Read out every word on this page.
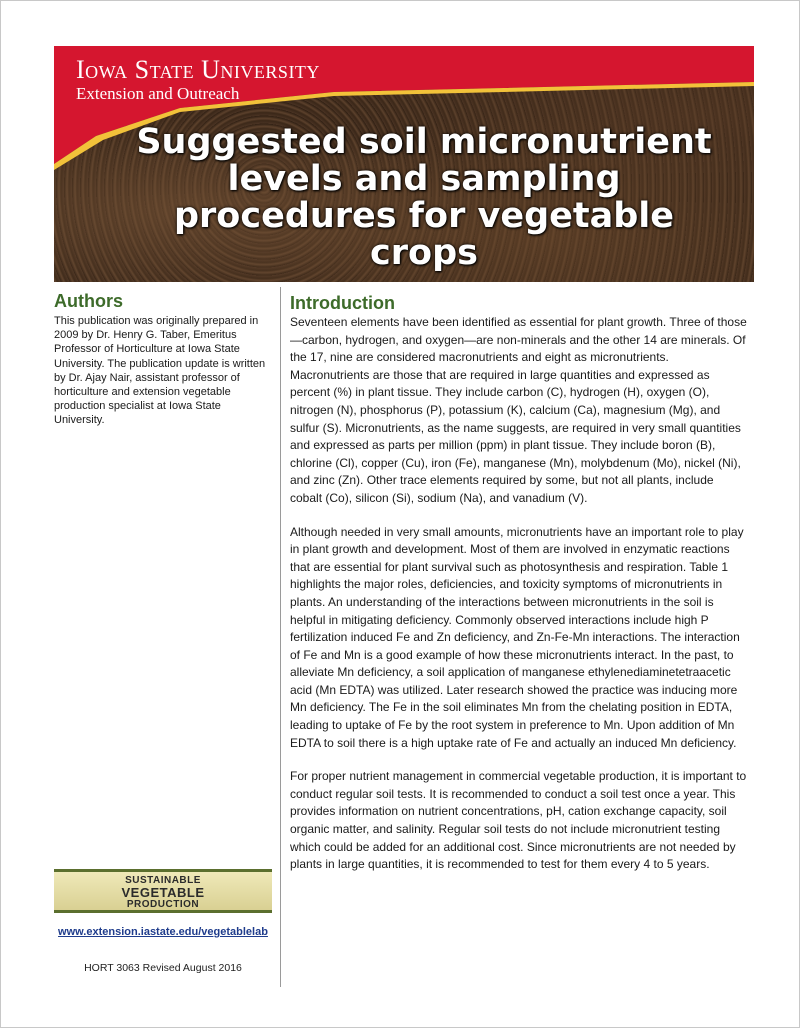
Iowa State University
Extension and Outreach
Suggested soil micronutrient levels and sampling procedures for vegetable crops
Authors

This publication was originally prepared in 2009 by Dr. Henry G. Taber, Emeritus Professor of Horticulture at Iowa State University. The publication update is written by Dr. Ajay Nair, assistant professor of horticulture and extension vegetable production specialist at Iowa State University.

SUSTAINABLE
VEGETABLE
PRODUCTION
www.extension.iastate.edu/vegetablelab
HORT 3063 Revised August 2016
Introduction

Seventeen elements have been identified as essential for plant growth. Three of those—carbon, hydrogen, and oxygen—are non-minerals and the other 14 are minerals. Of the 17, nine are considered macronutrients and eight as micronutrients. Macronutrients are those that are required in large quantities and expressed as percent (%) in plant tissue. They include carbon (C), hydrogen (H), oxygen (O), nitrogen (N), phosphorus (P), potassium (K), calcium (Ca), magnesium (Mg), and sulfur (S). Micronutrients, as the name suggests, are required in very small quantities and expressed as parts per million (ppm) in plant tissue. They include boron (B), chlorine (Cl), copper (Cu), iron (Fe), manganese (Mn), molybdenum (Mo), nickel (Ni), and zinc (Zn). Other trace elements required by some, but not all plants, include cobalt (Co), silicon (Si), sodium (Na), and vanadium (V).

Although needed in very small amounts, micronutrients have an important role to play in plant growth and development. Most of them are involved in enzymatic reactions that are essential for plant survival such as photosynthesis and respiration. Table 1 highlights the major roles, deficiencies, and toxicity symptoms of micronutrients in plants. An understanding of the interactions between micronutrients in the soil is helpful in mitigating deficiency. Commonly observed interactions include high P fertilization induced Fe and Zn deficiency, and Zn-Fe-Mn interactions. The interaction of Fe and Mn is a good example of how these micronutrients interact. In the past, to alleviate Mn deficiency, a soil application of manganese ethylenediaminetetraacetic acid (Mn EDTA) was utilized. Later research showed the practice was inducing more Mn deficiency. The Fe in the soil eliminates Mn from the chelating position in EDTA, leading to uptake of Fe by the root system in preference to Mn. Upon addition of Mn EDTA to soil there is a high uptake rate of Fe and actually an induced Mn deficiency.

For proper nutrient management in commercial vegetable production, it is important to conduct regular soil tests. It is recommended to conduct a soil test once a year. This provides information on nutrient concentrations, pH, cation exchange capacity, soil organic matter, and salinity. Regular soil tests do not include micronutrient testing which could be added for an additional cost. Since micronutrients are not needed by plants in large quantities, it is recommended to test for them every 4 to 5 years.
